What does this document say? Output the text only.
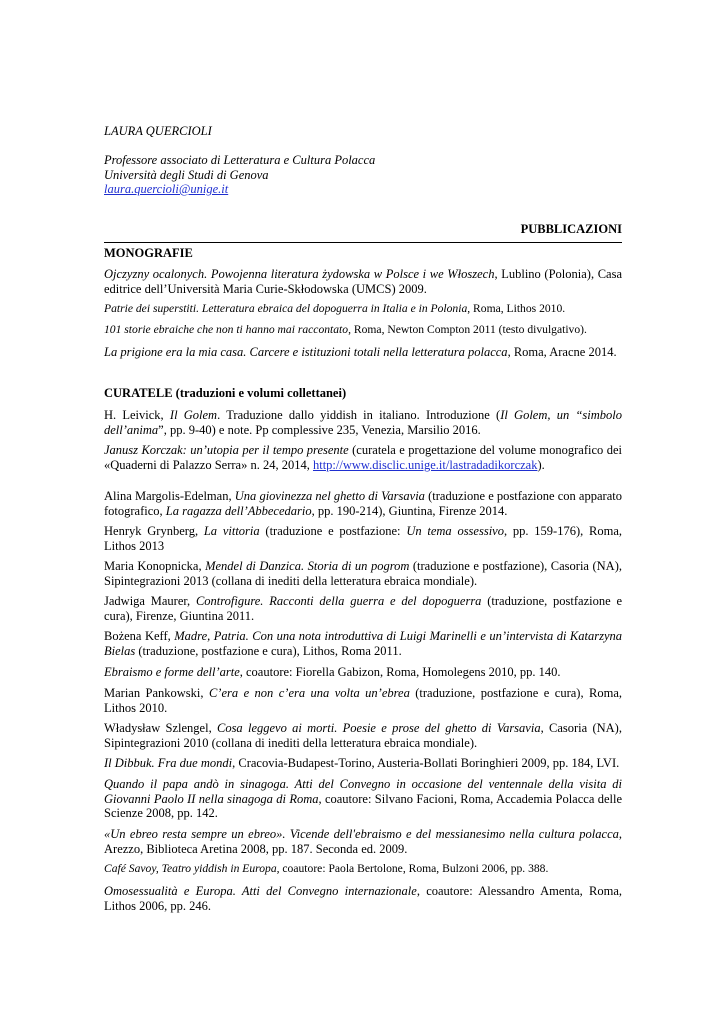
LAURA QUERCIOLI
Professore associato di Letteratura e Cultura Polacca
Università degli Studi di Genova
laura.quercioli@unige.it
PUBBLICAZIONI
MONOGRAFIE
Ojczyzny ocalonych. Powojenna literatura żydowska w Polsce i we Włoszech, Lublino (Polonia), Casa editrice dell’Università Maria Curie-Skłodowska (UMCS) 2009.
Patrie dei superstiti. Letteratura ebraica del dopoguerra in Italia e in Polonia, Roma, Lithos 2010.
101 storie ebraiche che non ti hanno mai raccontato, Roma, Newton Compton 2011 (testo divulgativo).
La prigione era la mia casa. Carcere e istituzioni totali nella letteratura polacca, Roma, Aracne 2014.
CURATELE (traduzioni e volumi collettanei)
H. Leivick, Il Golem. Traduzione dallo yiddish in italiano. Introduzione (Il Golem, un “simbolo dell’anima”, pp. 9-40) e note. Pp complessive 235, Venezia, Marsilio 2016.
Janusz Korczak: un’utopia per il tempo presente (curatela e progettazione del volume monografico dei «Quaderni di Palazzo Serra» n. 24, 2014, http://www.disclic.unige.it/lastradadikorczak).
Alina Margolis-Edelman, Una giovinezza nel ghetto di Varsavia (traduzione e postfazione con apparato fotografico, La ragazza dell’Abbecedario, pp. 190-214), Giuntina, Firenze 2014.
Henryk Grynberg, La vittoria (traduzione e postfazione: Un tema ossessivo, pp. 159-176), Roma, Lithos 2013
Maria Konopnicka, Mendel di Danzica. Storia di un pogrom (traduzione e postfazione), Casoria (NA), Sipintegrazioni 2013 (collana di inediti della letteratura ebraica mondiale).
Jadwiga Maurer, Controfigure. Racconti della guerra e del dopoguerra (traduzione, postfazione e cura), Firenze, Giuntina 2011.
Bożena Keff, Madre, Patria. Con una nota introduttiva di Luigi Marinelli e un’intervista di Katarzyna Bielas (traduzione, postfazione e cura), Lithos, Roma 2011.
Ebraismo e forme dell’arte, coautore: Fiorella Gabizon, Roma, Homolegens 2010, pp. 140.
Marian Pankowski, C’era e non c’era una volta un’ebrea (traduzione, postfazione e cura), Roma, Lithos 2010.
Władysław Szlengel, Cosa leggevo ai morti. Poesie e prose del ghetto di Varsavia, Casoria (NA), Sipintegrazioni 2010 (collana di inediti della letteratura ebraica mondiale).
Il Dibbuk. Fra due mondi, Cracovia-Budapest-Torino, Austeria-Bollati Boringhieri 2009, pp. 184, LVI.
Quando il papa andò in sinagoga. Atti del Convegno in occasione del ventennale della visita di Giovanni Paolo II nella sinagoga di Roma, coautore: Silvano Facioni, Roma, Accademia Polacca delle Scienze 2008, pp. 142.
«Un ebreo resta sempre un ebreo». Vicende dell'ebraismo e del messianesimo nella cultura polacca, Arezzo, Biblioteca Aretina 2008, pp. 187. Seconda ed. 2009.
Café Savoy, Teatro yiddish in Europa, coautore: Paola Bertolone, Roma, Bulzoni 2006, pp. 388.
Omosessualità e Europa. Atti del Convegno internazionale, coautore: Alessandro Amenta, Roma, Lithos 2006, pp. 246.
